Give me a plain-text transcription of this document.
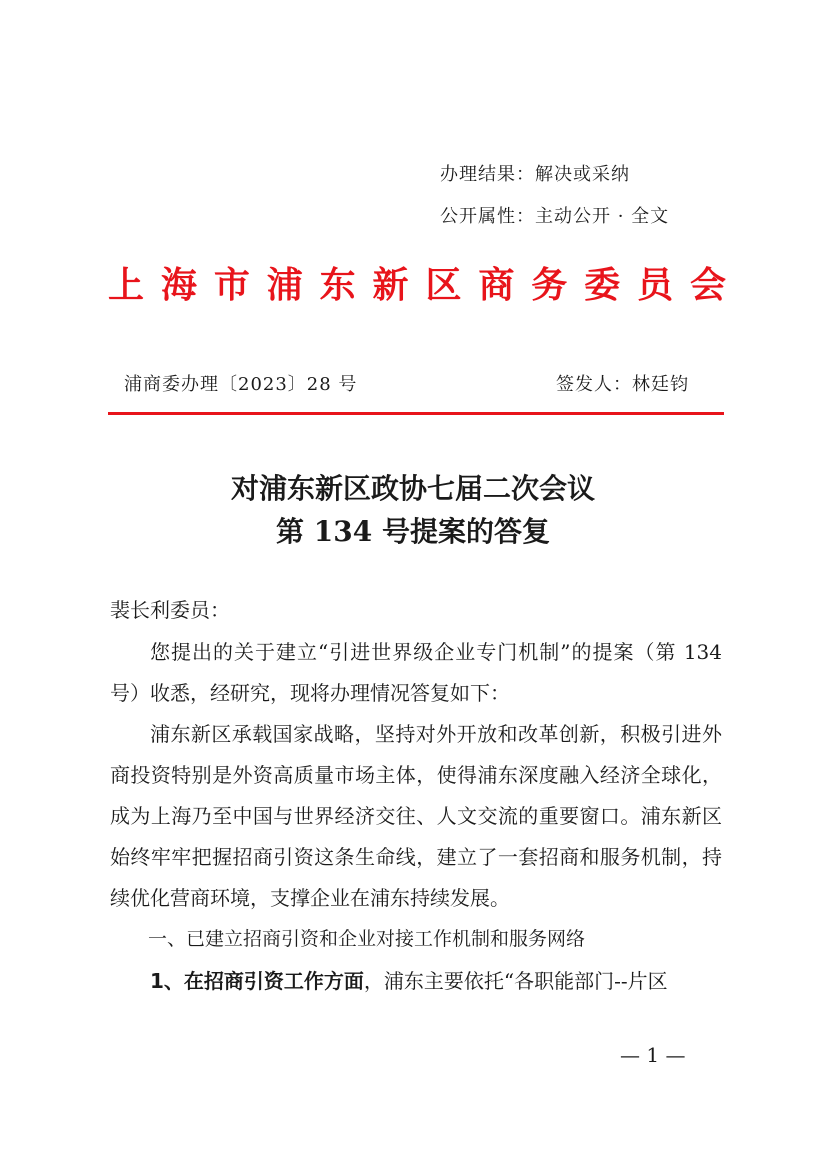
办理结果：解决或采纳
公开属性：主动公开 · 全文
上 海 市 浦 东 新 区 商 务 委 员 会
浦商委办理〔2023〕28 号	签发人：林廷钧
对浦东新区政协七届二次会议
第 134 号提案的答复
裴长利委员：
您提出的关于建立“引进世界级企业专门机制”的提案（第 134 号）收悉，经研究，现将办理情况答复如下：
浦东新区承载国家战略，坚持对外开放和改革创新，积极引进外商投资特别是外资高质量市场主体，使得浦东深度融入经济全球化，成为上海乃至中国与世界经济交往、人文交流的重要窗口。浦东新区始终牢牢把握招商引资这条生命线，建立了一套招商和服务机制，持续优化营商环境，支撑企业在浦东持续发展。
一、已建立招商引资和企业对接工作机制和服务网络
1、在招商引资工作方面，浦东主要依托“各职能部门--片区
— 1 —
